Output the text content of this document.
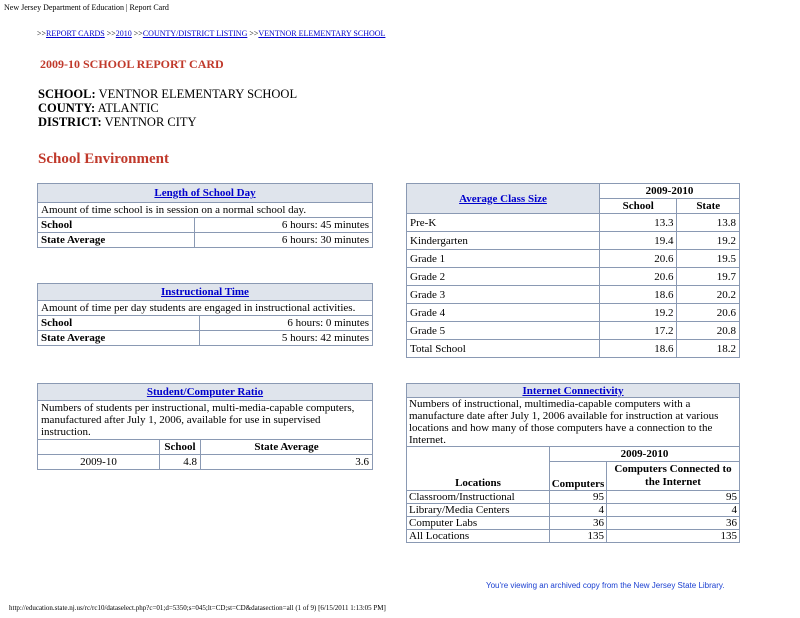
New Jersey Department of Education | Report Card
>>REPORT CARDS >>2010 >>COUNTY/DISTRICT LISTING >>VENTNOR ELEMENTARY SCHOOL
2009-10 SCHOOL REPORT CARD
SCHOOL: VENTNOR ELEMENTARY SCHOOL
COUNTY: ATLANTIC
DISTRICT: VENTNOR CITY
School Environment
Length of School Day	
Amount of time school is in session on a normal school day.	
School	6 hours: 45 minutes
State Average	6 hours: 30 minutes
Instructional Time	
Amount of time per day students are engaged in instructional activities.	
School	6 hours: 0 minutes
State Average	5 hours: 42 minutes
Student/Computer Ratio		
Numbers of students per instructional, multi-media-capable computers, manufactured after July 1, 2006, available for use in supervised instruction.		
	School	State Average
2009-10	4.8	3.6
Average Class Size	2009-2010	
	School	State
Pre-K	13.3	13.8
Kindergarten	19.4	19.2
Grade 1	20.6	19.5
Grade 2	20.6	19.7
Grade 3	18.6	20.2
Grade 4	19.2	20.6
Grade 5	17.2	20.8
Total School	18.6	18.2
Internet Connectivity		
Numbers of instructional, multimedia-capable computers with a manufacture date after July 1, 2006 available for instruction at various locations and how many of those computers have a connection to the Internet.		
Locations	2009-2010	
	Computers	Computers Connected to the Internet
Classroom/Instructional	95	95
Library/Media Centers	4	4
Computer Labs	36	36
All Locations	135	135
You're viewing an archived copy from the New Jersey State Library.
http://education.state.nj.us/rc/rc10/dataselect.php?c=01;d=5350;s=045;lt=CD;st=CD&datasection=all (1 of 9) [6/15/2011 1:13:05 PM]
